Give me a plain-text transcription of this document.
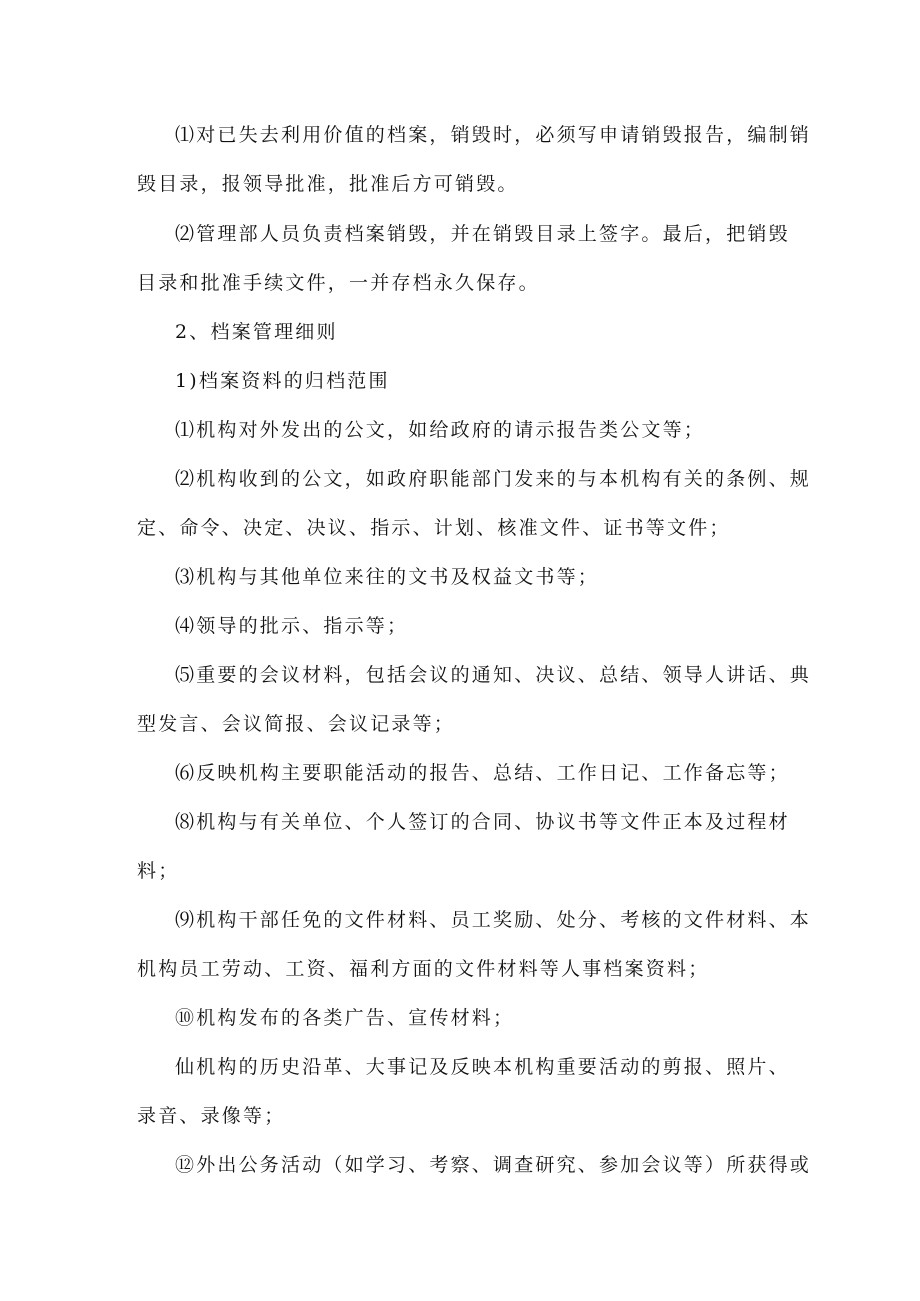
⑴对已失去利用价值的档案，销毁时，必须写申请销毁报告，编制销
毁目录，报领导批准，批准后方可销毁。
⑵管理部人员负责档案销毁，并在销毁目录上签字。最后，把销毁
目录和批准手续文件，一并存档永久保存。
2、档案管理细则
1)档案资料的归档范围
⑴机构对外发出的公文，如给政府的请示报告类公文等；
⑵机构收到的公文，如政府职能部门发来的与本机构有关的条例、规
定、命令、决定、决议、指示、计划、核准文件、证书等文件；
⑶机构与其他单位来往的文书及权益文书等；
⑷领导的批示、指示等；
⑸重要的会议材料，包括会议的通知、决议、总结、领导人讲话、典
型发言、会议简报、会议记录等；
⑹反映机构主要职能活动的报告、总结、工作日记、工作备忘等；
⑻机构与有关单位、个人签订的合同、协议书等文件正本及过程材
料；
⑼机构干部任免的文件材料、员工奖励、处分、考核的文件材料、本
机构员工劳动、工资、福利方面的文件材料等人事档案资料；
⑩机构发布的各类广告、宣传材料；
仙机构的历史沿革、大事记及反映本机构重要活动的剪报、照片、
录音、录像等；
⑫外出公务活动（如学习、考察、调查研究、参加会议等）所获得或
